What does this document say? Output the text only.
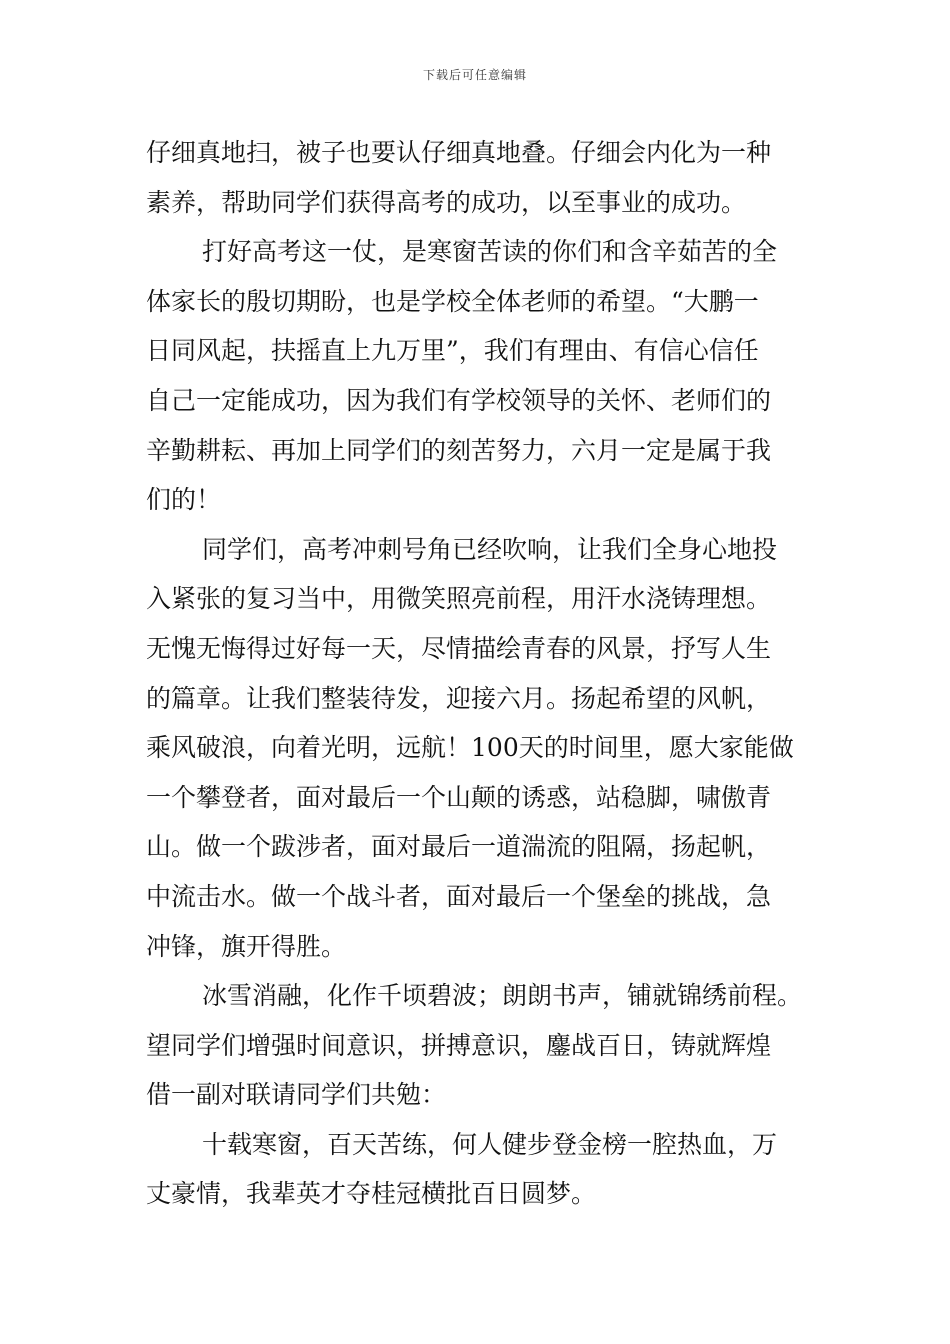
下载后可任意编辑
仔细真地扫，被子也要认仔细真地叠。仔细会内化为一种
素养，帮助同学们获得高考的成功，以至事业的成功。
打好高考这一仗，是寒窗苦读的你们和含辛茹苦的全
体家长的殷切期盼，也是学校全体老师的希望。“大鹏一
日同风起，扶摇直上九万里”，我们有理由、有信心信任
自己一定能成功，因为我们有学校领导的关怀、老师们的
辛勤耕耘、再加上同学们的刻苦努力，六月一定是属于我
们的！
同学们，高考冲刺号角已经吹响，让我们全身心地投
入紧张的复习当中，用微笑照亮前程，用汗水浇铸理想。
无愧无悔得过好每一天，尽情描绘青春的风景，抒写人生
的篇章。让我们整装待发，迎接六月。扬起希望的风帆，
乘风破浪，向着光明，远航！100天的时间里，愿大家能做
一个攀登者，面对最后一个山颠的诱惑，站稳脚，啸傲青
山。做一个跋涉者，面对最后一道湍流的阻隔，扬起帆，
中流击水。做一个战斗者，面对最后一个堡垒的挑战，急
冲锋，旗开得胜。
冰雪消融，化作千顷碧波；朗朗书声，铺就锦绣前程。
望同学们增强时间意识，拼搏意识，鏖战百日，铸就辉煌
借一副对联请同学们共勉：
十载寒窗，百天苦练，何人健步登金榜一腔热血，万
丈豪情，我辈英才夺桂冠横批百日圆梦。
